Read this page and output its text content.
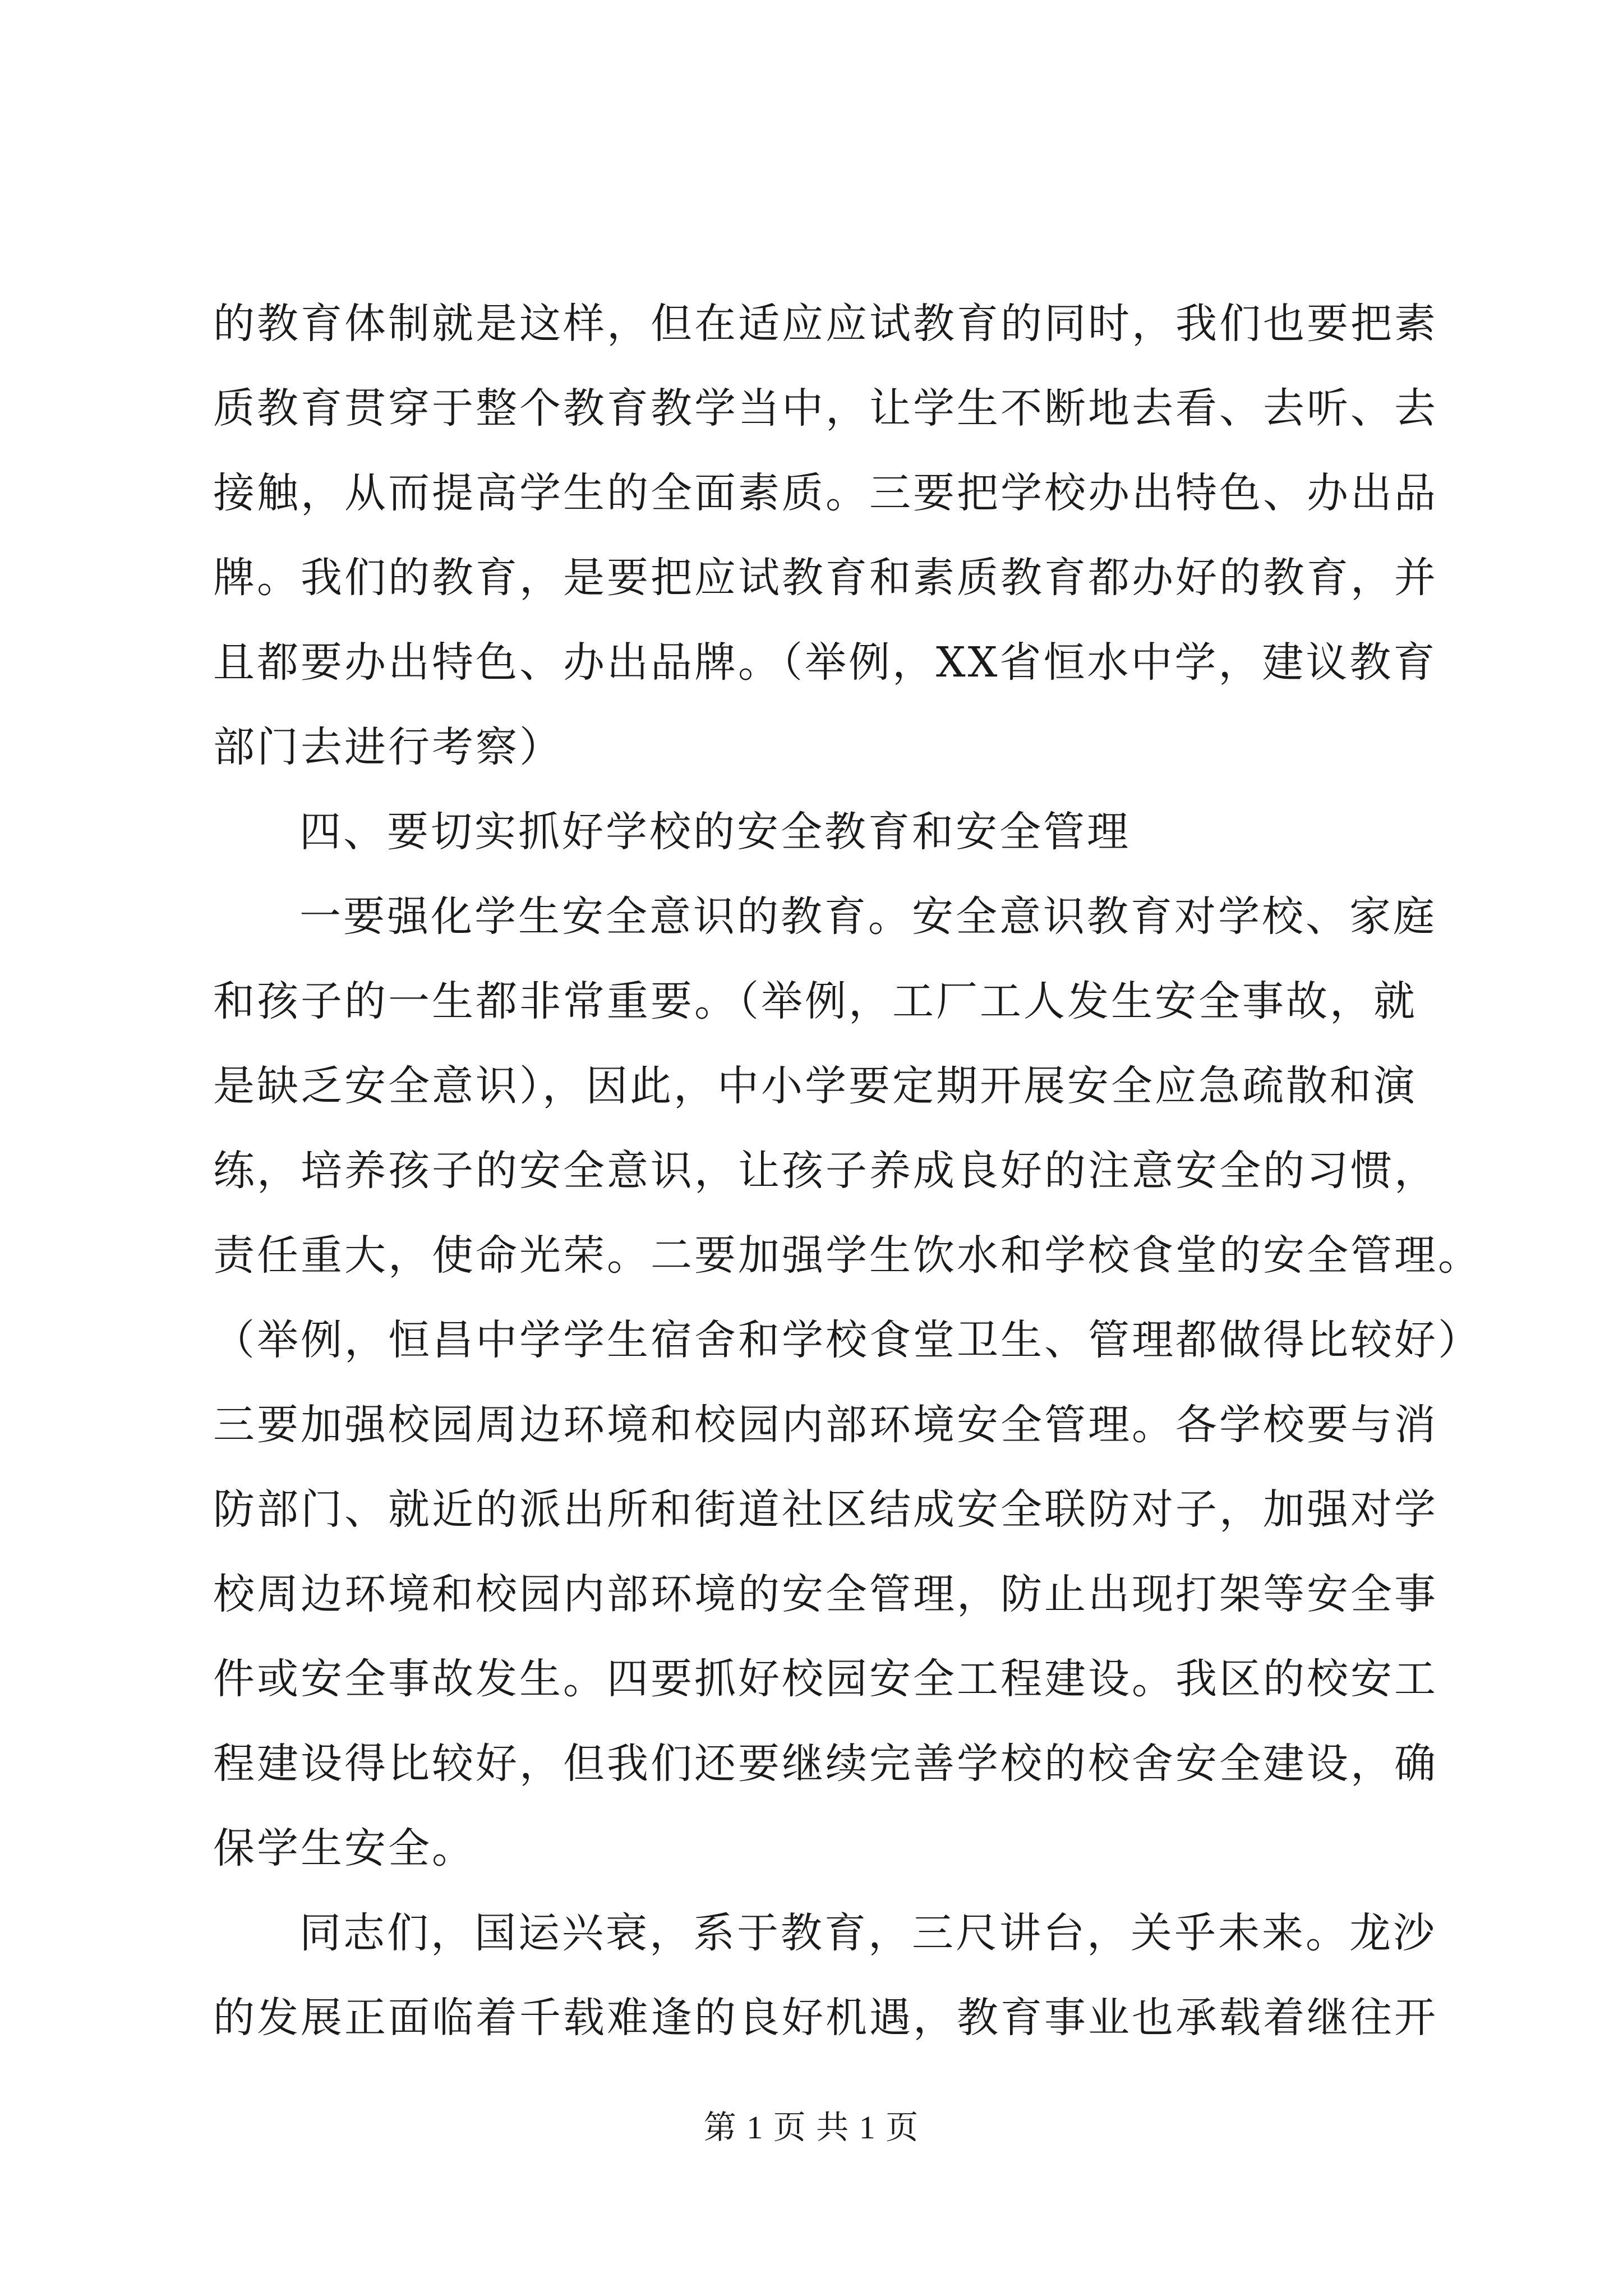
的教育体制就是这样，但在适应应试教育的同时，我们也要把素
质教育贯穿于整个教育教学当中，让学生不断地去看、去听、去
接触，从而提高学生的全面素质。三要把学校办出特色、办出品
牌。我们的教育，是要把应试教育和素质教育都办好的教育，并
且都要办出特色、办出品牌。（举例，XX省恒水中学，建议教育
部门去进行考察）
四、要切实抓好学校的安全教育和安全管理
一要强化学生安全意识的教育。安全意识教育对学校、家庭
和孩子的一生都非常重要。（举例，工厂工人发生安全事故，就
是缺乏安全意识），因此，中小学要定期开展安全应急疏散和演
练，培养孩子的安全意识，让孩子养成良好的注意安全的习惯，
责任重大，使命光荣。二要加强学生饮水和学校食堂的安全管理。
（举例，恒昌中学学生宿舍和学校食堂卫生、管理都做得比较好）
三要加强校园周边环境和校园内部环境安全管理。各学校要与消
防部门、就近的派出所和街道社区结成安全联防对子，加强对学
校周边环境和校园内部环境的安全管理，防止出现打架等安全事
件或安全事故发生。四要抓好校园安全工程建设。我区的校安工
程建设得比较好，但我们还要继续完善学校的校舍安全建设，确
保学生安全。
同志们，国运兴衰，系于教育，三尺讲台，关乎未来。龙沙
的发展正面临着千载难逢的良好机遇，教育事业也承载着继往开
第 1 页 共 1 页
